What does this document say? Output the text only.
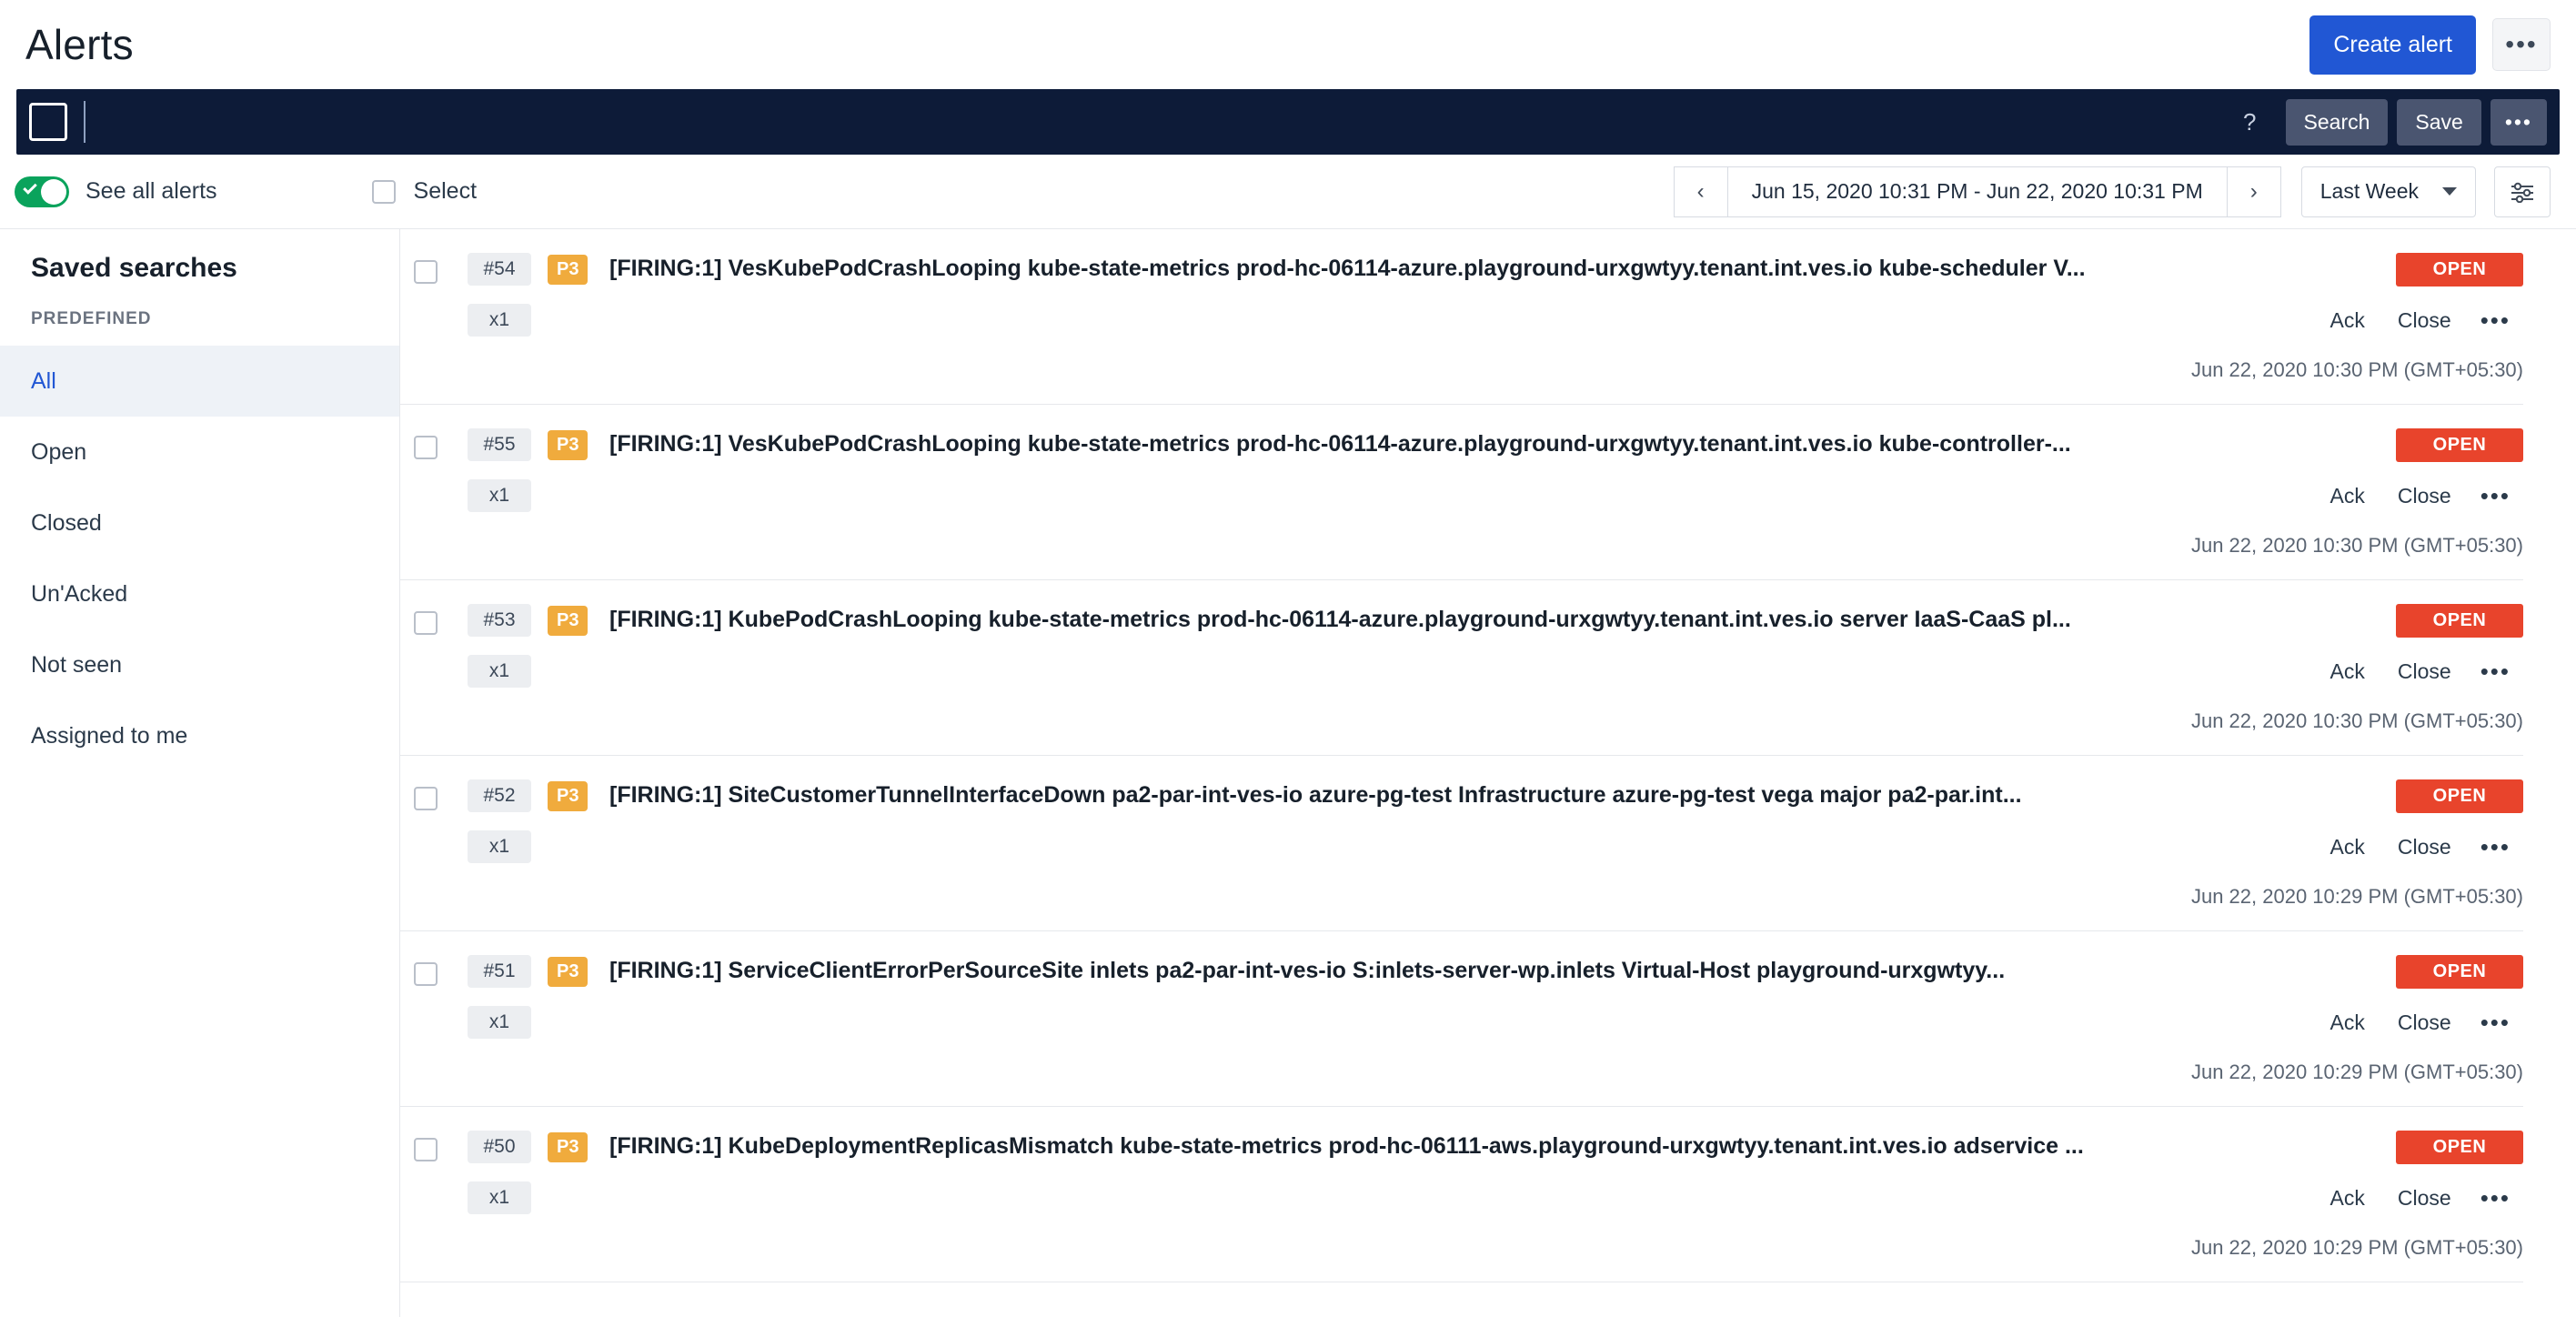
Alerts	Create alert	•••
?	Search	Save	•••
See all alerts	Select	‹	Jun 15, 2020 10:31 PM - Jun 22, 2020 10:31 PM	›	Last Week
Saved searches
PREDEFINED
All
Open
Closed
Un'Acked
Not seen
Assigned to me
#54 x1
P3	[FIRING:1] VesKubePodCrashLooping kube-state-metrics prod-hc-06114-azure.playground-urxgwtyy.tenant.int.ves.io kube-scheduler V...	OPEN
Ack	Close	•••
Jun 22, 2020 10:30 PM (GMT+05:30)
#55 x1
P3	[FIRING:1] VesKubePodCrashLooping kube-state-metrics prod-hc-06114-azure.playground-urxgwtyy.tenant.int.ves.io kube-controller-...	OPEN
Ack	Close	•••
Jun 22, 2020 10:30 PM (GMT+05:30)
#53 x1
P3	[FIRING:1] KubePodCrashLooping kube-state-metrics prod-hc-06114-azure.playground-urxgwtyy.tenant.int.ves.io server IaaS-CaaS pl...	OPEN
Ack	Close	•••
Jun 22, 2020 10:30 PM (GMT+05:30)
#52 x1
P3	[FIRING:1] SiteCustomerTunnelInterfaceDown pa2-par-int-ves-io azure-pg-test Infrastructure azure-pg-test vega major pa2-par.int...	OPEN
Ack	Close	•••
Jun 22, 2020 10:29 PM (GMT+05:30)
#51 x1
P3	[FIRING:1] ServiceClientErrorPerSourceSite inlets pa2-par-int-ves-io S:inlets-server-wp.inlets Virtual-Host playground-urxgwtyy...	OPEN
Ack	Close	•••
Jun 22, 2020 10:29 PM (GMT+05:30)
#50 x1
P3	[FIRING:1] KubeDeploymentReplicasMismatch kube-state-metrics prod-hc-06111-aws.playground-urxgwtyy.tenant.int.ves.io adservice ...	OPEN
Ack	Close	•••
Jun 22, 2020 10:29 PM (GMT+05:30)
